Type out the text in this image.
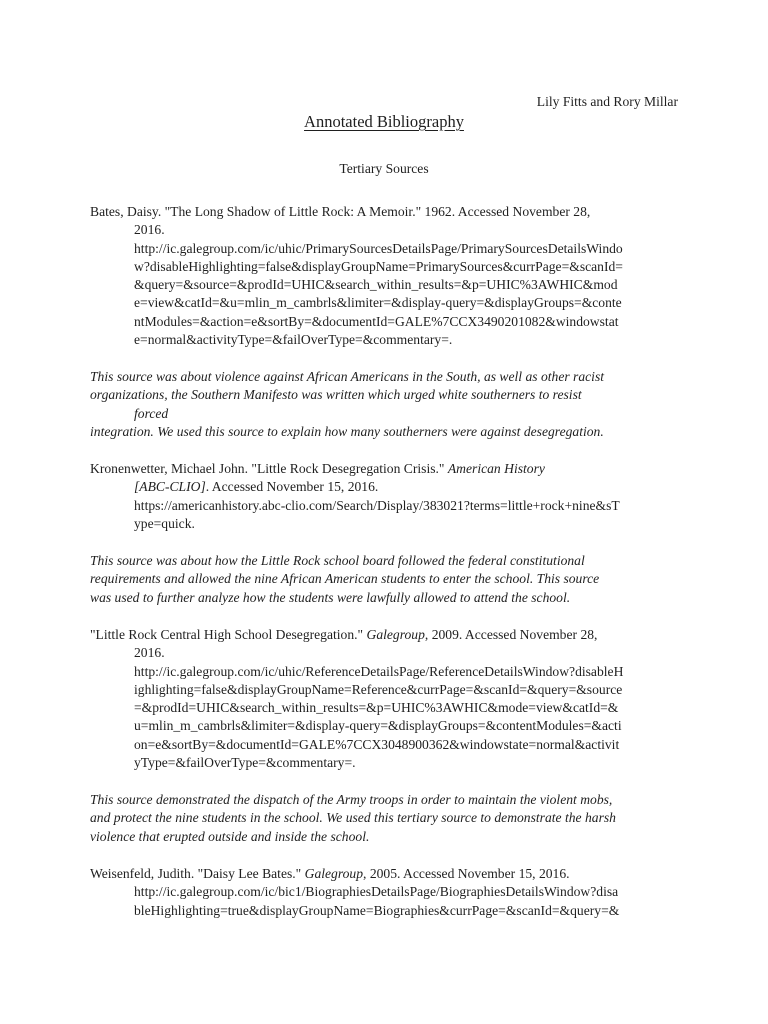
Lily Fitts and Rory Millar
Annotated Bibliography
Tertiary Sources
Bates, Daisy. "The Long Shadow of Little Rock: A Memoir." 1962. Accessed November 28,
2016.
http://ic.galegroup.com/ic/uhic/PrimarySourcesDetailsPage/PrimarySourcesDetailsWindo
w?disableHighlighting=false&displayGroupName=PrimarySources&currPage=&scanId=
&query=&source=&prodId=UHIC&search_within_results=&p=UHIC%3AWHIC&mod
e=view&catId=&u=mlin_m_cambrls&limiter=&display-query=&displayGroups=&conte
ntModules=&action=e&sortBy=&documentId=GALE%7CCX3490201082&windowstat
e=normal&activityType=&failOverType=&commentary=.
This source was about violence against African Americans in the South, as well as other racist
organizations, the Southern Manifesto was written which urged white southerners to resist
forced
integration. We used this source to explain how many southerners were against desegregation.
Kronenwetter, Michael John. "Little Rock Desegregation Crisis." American History
[ABC-CLIO]. Accessed November 15, 2016.
https://americanhistory.abc-clio.com/Search/Display/383021?terms=little+rock+nine&sT
ype=quick.
This source was about how the Little Rock school board followed the federal constitutional
requirements and allowed the nine African American students to enter the school. This source
was used to further analyze how the students were lawfully allowed to attend the school.
"Little Rock Central High School Desegregation." Galegroup, 2009. Accessed November 28,
2016.
http://ic.galegroup.com/ic/uhic/ReferenceDetailsPage/ReferenceDetailsWindow?disableH
ighlighting=false&displayGroupName=Reference&currPage=&scanId=&query=&source
=&prodId=UHIC&search_within_results=&p=UHIC%3AWHIC&mode=view&catId=&
u=mlin_m_cambrls&limiter=&display-query=&displayGroups=&contentModules=&acti
on=e&sortBy=&documentId=GALE%7CCX3048900362&windowstate=normal&activit
yType=&failOverType=&commentary=.
This source demonstrated the dispatch of the Army troops in order to maintain the violent mobs,
and protect the nine students in the school. We used this tertiary source to demonstrate the harsh
violence that erupted outside and inside the school.
Weisenfeld, Judith. "Daisy Lee Bates." Galegroup, 2005. Accessed November 15, 2016.
http://ic.galegroup.com/ic/bic1/BiographiesDetailsPage/BiographiesDetailsWindow?disa
bleHighlighting=true&displayGroupName=Biographies&currPage=&scanId=&query=&
